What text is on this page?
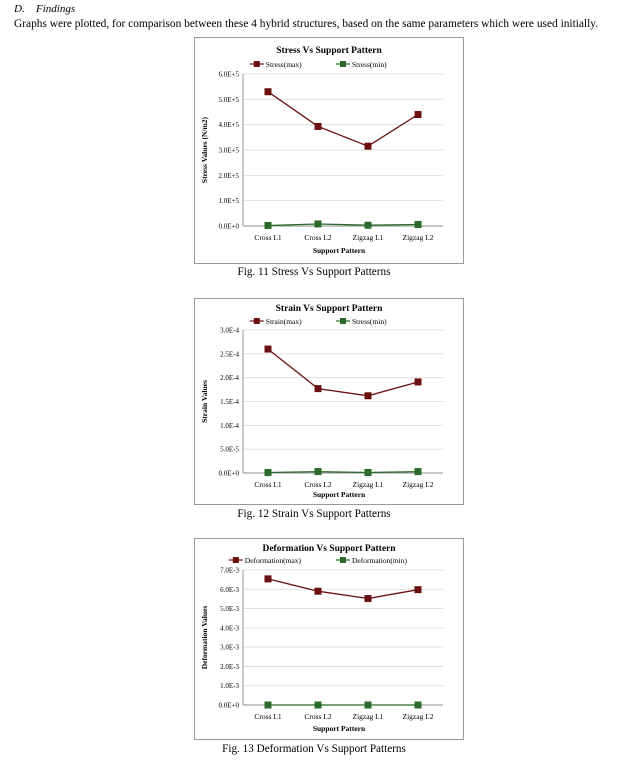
D. Findings
Graphs were plotted, for comparison between these 4 hybrid structures, based on the same parameters which were used initially.
Stress Vs Support Pattern
Stress(max)	Stress(min)
0.0E+0
1.0E+5
2.0E+5
3.0E+5
4.0E+5
5.0E+5
6.0E+5
Cross L1	Cross L2	Zigzag L1	Zigzag L2
Support Pattern
Stress Values (N/m2)
Fig. 11 Stress Vs Support Patterns
Strain Vs Support Pattern
Strain(max)	Stress(min)
0.0E+0
5.0E-5
1.0E-4
1.5E-4
2.0E-4
2.5E-4
3.0E-4
Cross L1	Cross L2	Zigzag L1	Zigzag L2
Support Pattern
Strain Values
Fig. 12 Strain Vs Support Patterns
Deformation Vs Support Pattern
Deformation(max)	Deformation(min)
0.0E+0
1.0E-3
2.0E-3
3.0E-3
4.0E-3
5.0E-3
6.0E-3
7.0E-3
Cross L1	Cross L2	Zigzag L1	Zigzag L2
Support Pattern
Deformation Values
Fig. 13 Deformation Vs Support Patterns
